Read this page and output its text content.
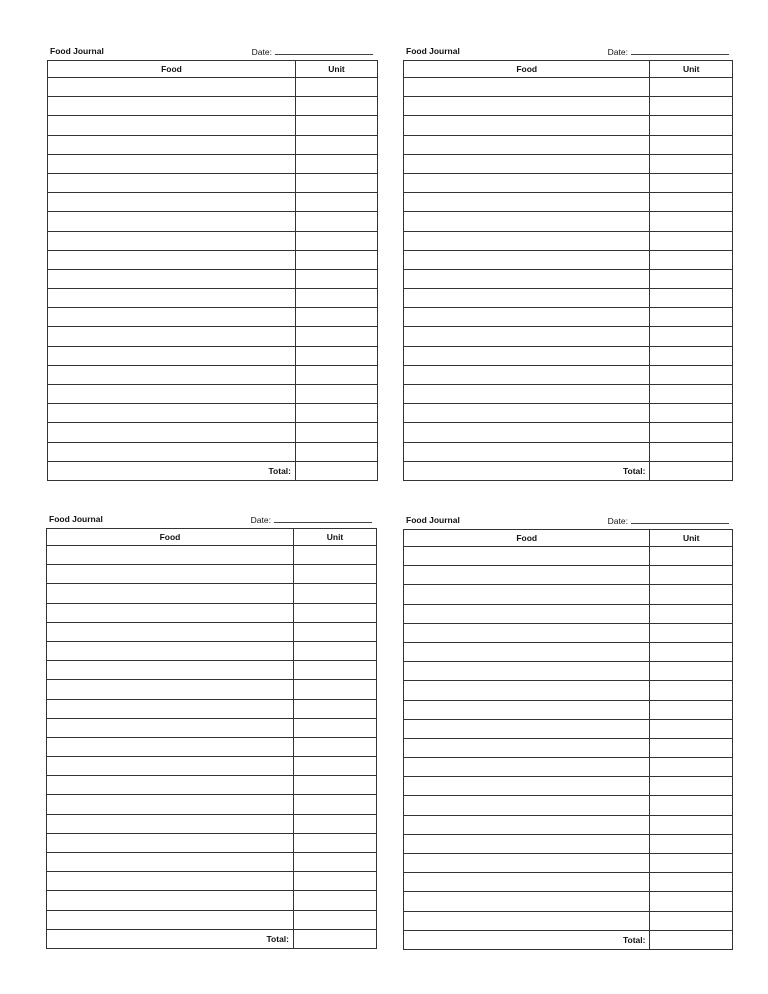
Food Journal	Date:
Food	Unit

Total:	
Food Journal	Date:
Food	Unit

Total:	
Food Journal	Date:
Food	Unit

Total:	
Food Journal	Date:
Food	Unit

Total:	
